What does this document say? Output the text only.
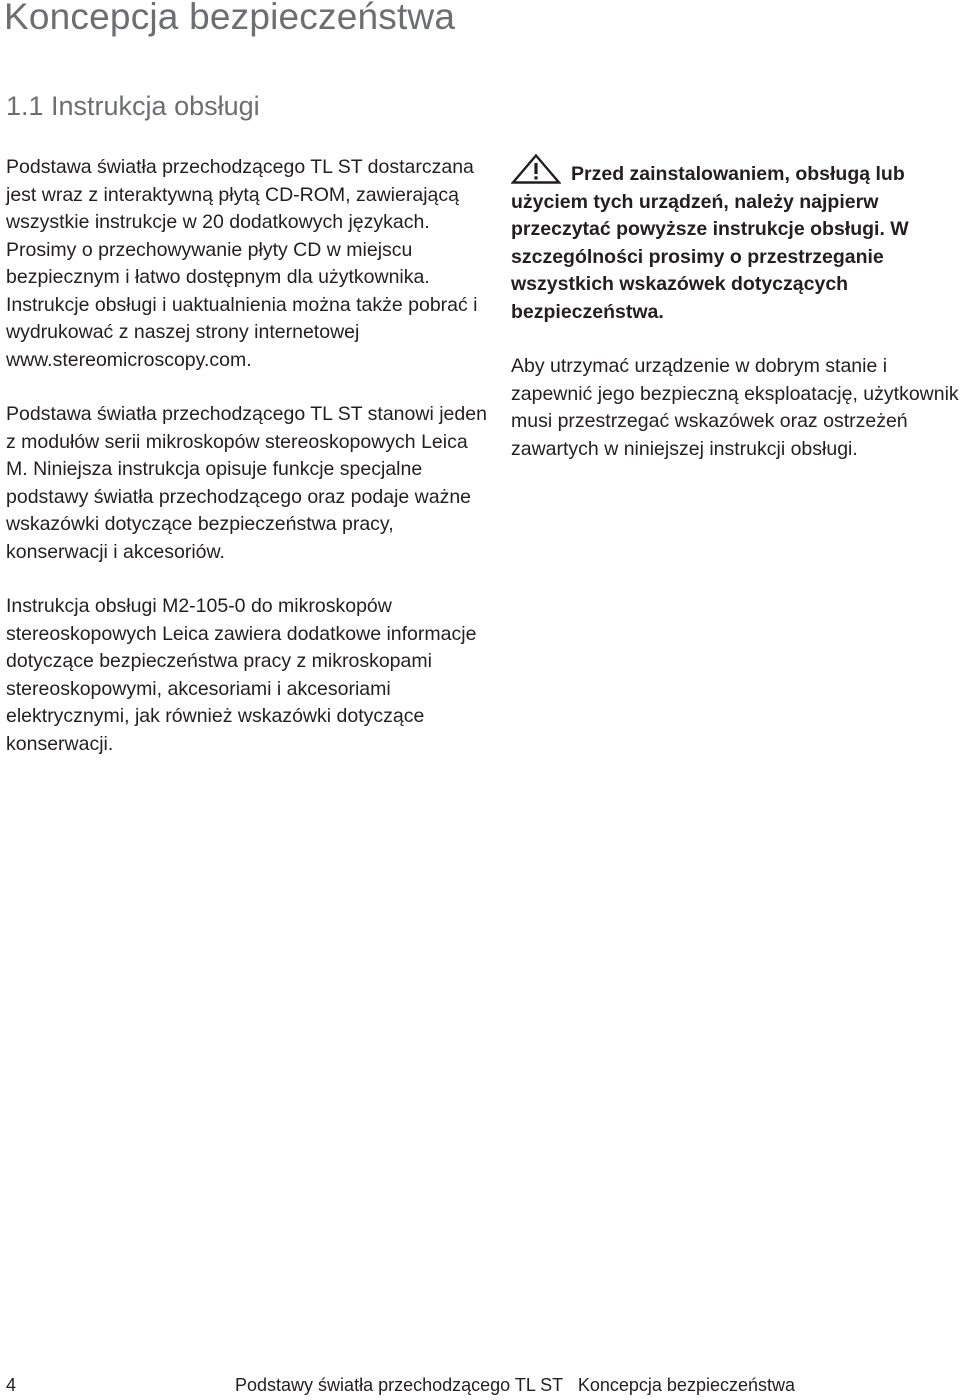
Koncepcja bezpieczeństwa
1.1 Instrukcja obsługi

Podstawa światła przechodzącego TL ST dostarczana jest wraz z interaktywną płytą CD-ROM, zawierającą wszystkie instrukcje w 20 dodatkowych językach. Prosimy o przechowywanie płyty CD w miejscu bezpiecznym i łatwo dostępnym dla użytkownika. Instrukcje obsługi i uaktualnienia można także pobrać i wydrukować z naszej strony internetowej www.stereomicroscopy.com.

Podstawa światła przechodzącego TL ST stanowi jeden z modułów serii mikroskopów stereoskopowych Leica M. Niniejsza instrukcja opisuje funkcje specjalne podstawy światła przechodzącego oraz podaje ważne wskazówki dotyczące bezpieczeństwa pracy, konserwacji i akcesoriów.

Instrukcja obsługi M2-105-0 do mikroskopów stereoskopowych Leica zawiera dodatkowe informacje dotyczące bezpieczeństwa pracy z mikroskopami stereoskopowymi, akcesoriami i akcesoriami elektrycznymi, jak również wskazówki dotyczące konserwacji.

Przed zainstalowaniem, obsługą lub użyciem tych urządzeń, należy najpierw przeczytać powyższe instrukcje obsługi. W szczególności prosimy o przestrzeganie wszystkich wskazówek dotyczących bezpieczeństwa.

Aby utrzymać urządzenie w dobrym stanie i zapewnić jego bezpieczną eksploatację, użytkownik musi przestrzegać wskazówek oraz ostrzeżeń zawartych w niniejszej instrukcji obsługi.

4	Podstawy światła przechodzącego TL ST   Koncepcja bezpieczeństwa
